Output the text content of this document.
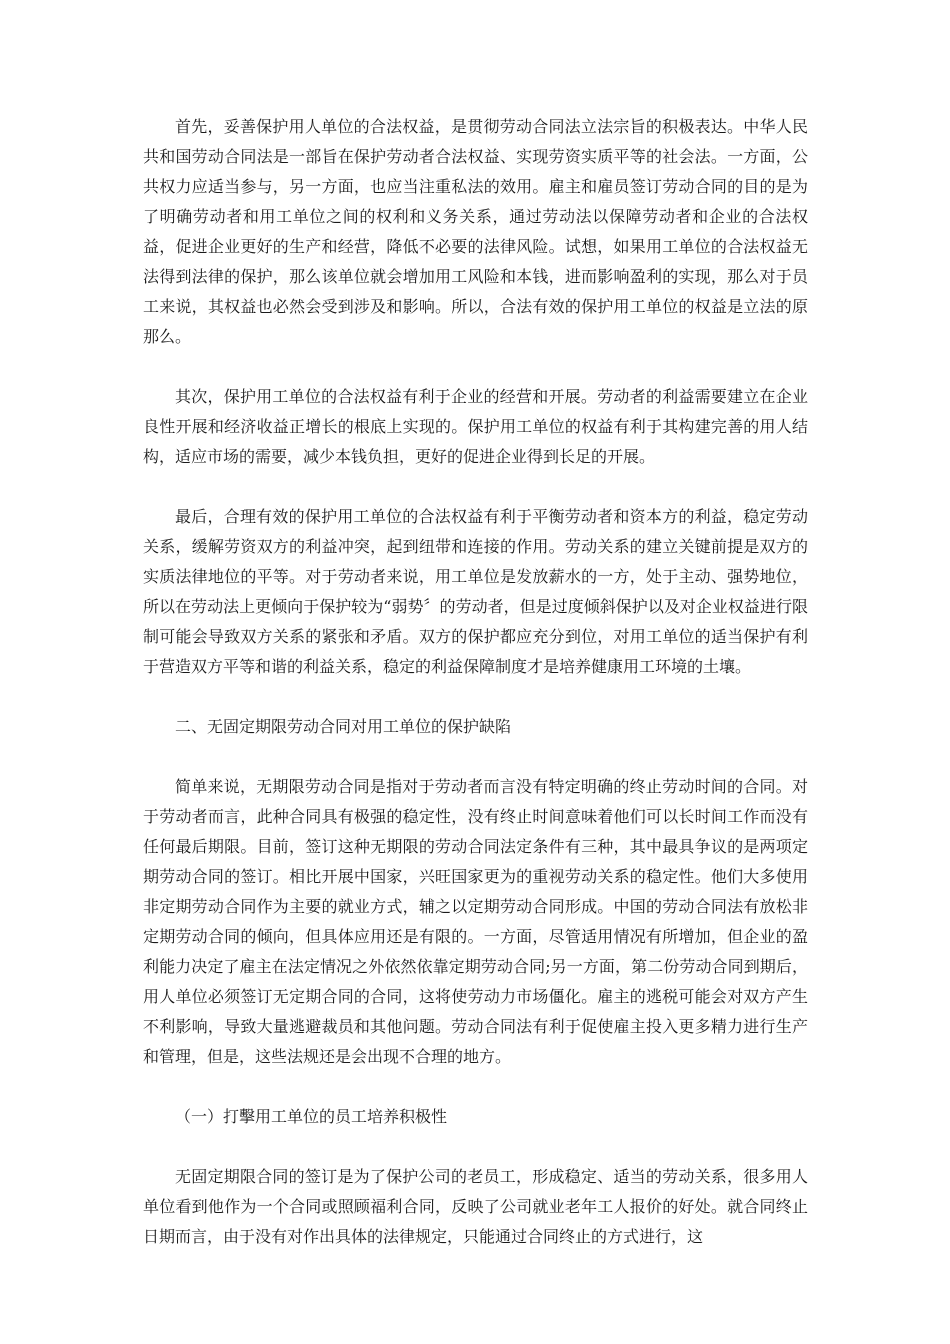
首先，妥善保护用人单位的合法权益，是贯彻劳动合同法立法宗旨的积极表达。中华人民共和国劳动合同法是一部旨在保护劳动者合法权益、实现劳资实质平等的社会法。一方面，公共权力应适当参与，另一方面，也应当注重私法的效用。雇主和雇员签订劳动合同的目的是为了明确劳动者和用工单位之间的权利和义务关系，通过劳动法以保障劳动者和企业的合法权益，促进企业更好的生产和经营，降低不必要的法律风险。试想，如果用工单位的合法权益无法得到法律的保护，那么该单位就会增加用工风险和本钱，进而影响盈利的实现，那么对于员工来说，其权益也必然会受到涉及和影响。所以，合法有效的保护用工单位的权益是立法的原那么。

其次，保护用工单位的合法权益有利于企业的经营和开展。劳动者的利益需要建立在企业良性开展和经济收益正增长的根底上实现的。保护用工单位的权益有利于其构建完善的用人结构，适应市场的需要，减少本钱负担，更好的促进企业得到长足的开展。

最后，合理有效的保护用工单位的合法权益有利于平衡劳动者和资本方的利益，稳定劳动关系，缓解劳资双方的利益冲突，起到纽带和连接的作用。劳动关系的建立关键前提是双方的实质法律地位的平等。对于劳动者来说，用工单位是发放薪水的一方，处于主动、强势地位，所以在劳动法上更倾向于保护较为“弱势〞的劳动者，但是过度倾斜保护以及对企业权益进行限制可能会导致双方关系的紧张和矛盾。双方的保护都应充分到位，对用工单位的适当保护有利于营造双方平等和谐的利益关系，稳定的利益保障制度才是培养健康用工环境的土壤。

二、无固定期限劳动合同对用工单位的保护缺陷

简单来说，无期限劳动合同是指对于劳动者而言没有特定明确的终止劳动时间的合同。对于劳动者而言，此种合同具有极强的稳定性，没有终止时间意味着他们可以长时间工作而没有任何最后期限。目前，签订这种无期限的劳动合同法定条件有三种，其中最具争议的是两项定期劳动合同的签订。相比开展中国家，兴旺国家更为的重视劳动关系的稳定性。他们大多使用非定期劳动合同作为主要的就业方式，辅之以定期劳动合同形成。中国的劳动合同法有放松非定期劳动合同的倾向，但具体应用还是有限的。一方面，尽管适用情况有所增加，但企业的盈利能力决定了雇主在法定情况之外依然依靠定期劳动合同;另一方面，第二份劳动合同到期后，用人单位必须签订无定期合同的合同，这将使劳动力市场僵化。雇主的逃税可能会对双方产生不利影响，导致大量逃避裁员和其他问题。劳动合同法有利于促使雇主投入更多精力进行生产和管理，但是，这些法规还是会出现不合理的地方。

（一）打擊用工单位的员工培养积极性

无固定期限合同的签订是为了保护公司的老员工，形成稳定、适当的劳动关系，很多用人单位看到他作为一个合同或照顾福利合同，反映了公司就业老年工人报价的好处。就合同终止日期而言，由于没有对作出具体的法律规定，只能通过合同终止的方式进行，这
